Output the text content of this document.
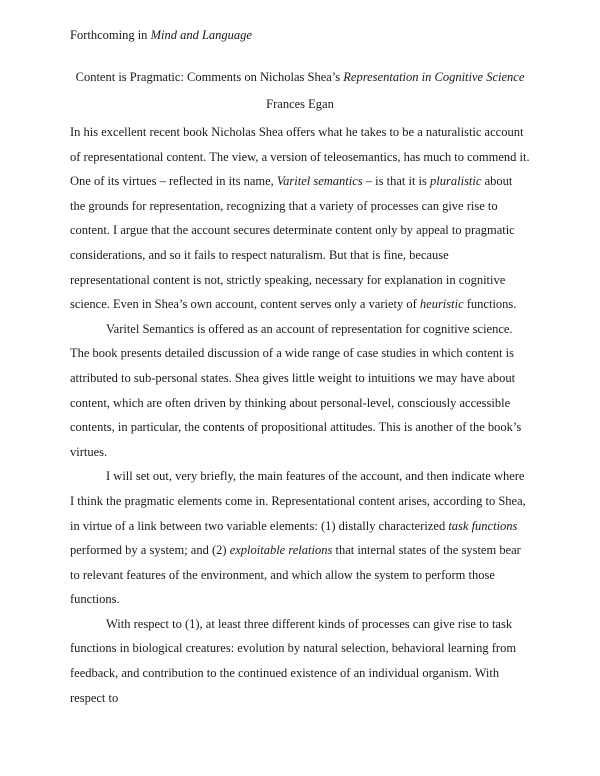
Forthcoming in Mind and Language
Content is Pragmatic: Comments on Nicholas Shea’s Representation in Cognitive Science
Frances Egan

In his excellent recent book Nicholas Shea offers what he takes to be a naturalistic account of representational content. The view, a version of teleosemantics, has much to commend it. One of its virtues – reflected in its name, Varitel semantics – is that it is pluralistic about the grounds for representation, recognizing that a variety of processes can give rise to content. I argue that the account secures determinate content only by appeal to pragmatic considerations, and so it fails to respect naturalism. But that is fine, because representational content is not, strictly speaking, necessary for explanation in cognitive science. Even in Shea’s own account, content serves only a variety of heuristic functions.

Varitel Semantics is offered as an account of representation for cognitive science. The book presents detailed discussion of a wide range of case studies in which content is attributed to sub-personal states. Shea gives little weight to intuitions we may have about content, which are often driven by thinking about personal-level, consciously accessible contents, in particular, the contents of propositional attitudes. This is another of the book’s virtues.

I will set out, very briefly, the main features of the account, and then indicate where I think the pragmatic elements come in. Representational content arises, according to Shea, in virtue of a link between two variable elements: (1) distally characterized task functions performed by a system; and (2) exploitable relations that internal states of the system bear to relevant features of the environment, and which allow the system to perform those functions.

With respect to (1), at least three different kinds of processes can give rise to task functions in biological creatures: evolution by natural selection, behavioral learning from feedback, and contribution to the continued existence of an individual organism. With respect to
